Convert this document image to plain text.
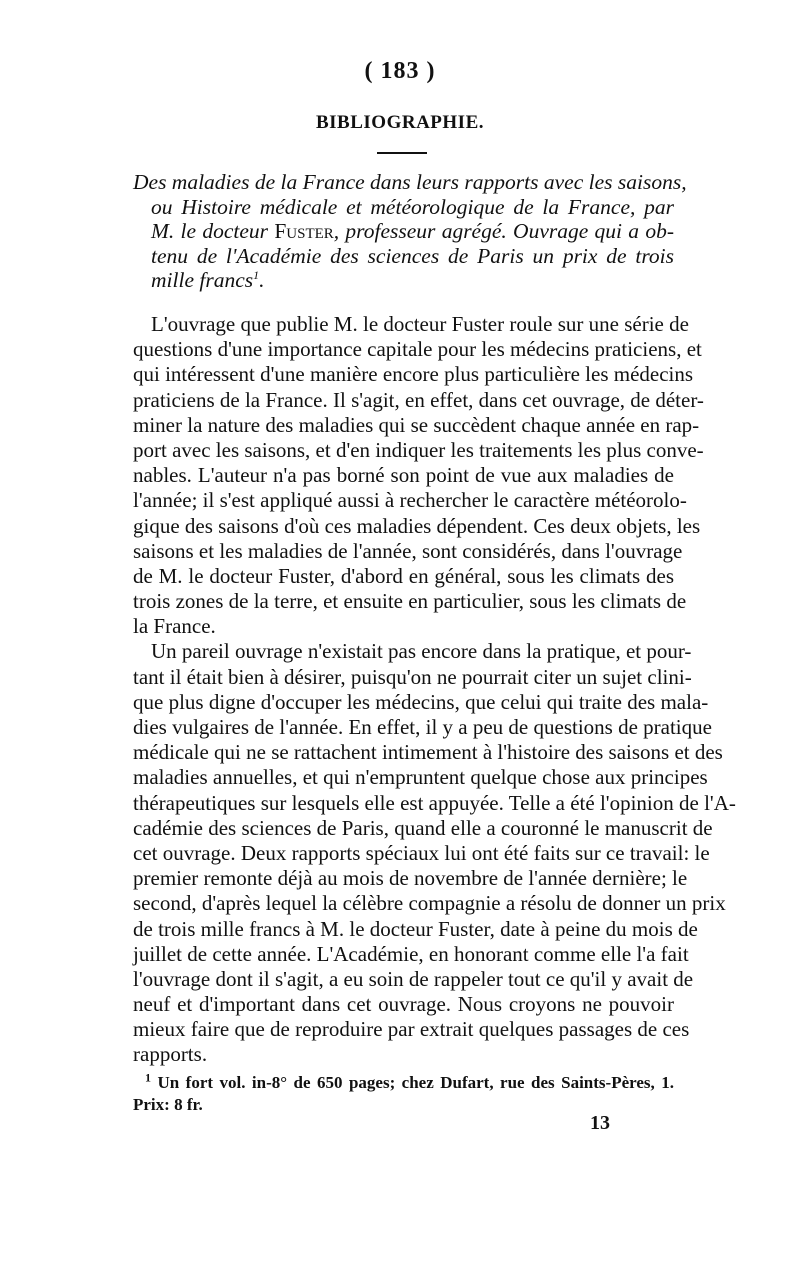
( 183 )
BIBLIOGRAPHIE.
Des maladies de la France dans leurs rapports avec les saisons,
ou Histoire médicale et météorologique de la France, par
M. le docteur Fuster, professeur agrégé. Ouvrage qui a ob-
tenu de l'Académie des sciences de Paris un prix de trois
mille francs$^1$.
L'ouvrage que publie M. le docteur Fuster roule sur une série de
questions d'une importance capitale pour les médecins praticiens, et
qui intéressent d'une manière encore plus particulière les médecins
praticiens de la France. Il s'agit, en effet, dans cet ouvrage, de déter-
miner la nature des maladies qui se succèdent chaque année en rap-
port avec les saisons, et d'en indiquer les traitements les plus conve-
nables. L'auteur n'a pas borné son point de vue aux maladies de
l'année; il s'est appliqué aussi à rechercher le caractère météorolo-
gique des saisons d'où ces maladies dépendent. Ces deux objets, les
saisons et les maladies de l'année, sont considérés, dans l'ouvrage
de M. le docteur Fuster, d'abord en général, sous les climats des
trois zones de la terre, et ensuite en particulier, sous les climats de
la France.
Un pareil ouvrage n'existait pas encore dans la pratique, et pour-
tant il était bien à désirer, puisqu'on ne pourrait citer un sujet clini-
que plus digne d'occuper les médecins, que celui qui traite des mala-
dies vulgaires de l'année. En effet, il y a peu de questions de pratique
médicale qui ne se rattachent intimement à l'histoire des saisons et des
maladies annuelles, et qui n'empruntent quelque chose aux principes
thérapeutiques sur lesquels elle est appuyée. Telle a été l'opinion de l'A-
cadémie des sciences de Paris, quand elle a couronné le manuscrit de
cet ouvrage. Deux rapports spéciaux lui ont été faits sur ce travail: le
premier remonte déjà au mois de novembre de l'année dernière; le
second, d'après lequel la célèbre compagnie a résolu de donner un prix
de trois mille francs à M. le docteur Fuster, date à peine du mois de
juillet de cette année. L'Académie, en honorant comme elle l'a fait
l'ouvrage dont il s'agit, a eu soin de rappeler tout ce qu'il y avait de
neuf et d'important dans cet ouvrage. Nous croyons ne pouvoir
mieux faire que de reproduire par extrait quelques passages de ces
rapports.
$^1$ Un fort vol. in-8° de 650 pages; chez Dufart, rue des Saints-Pères, 1.
Prix: 8 fr.
13
